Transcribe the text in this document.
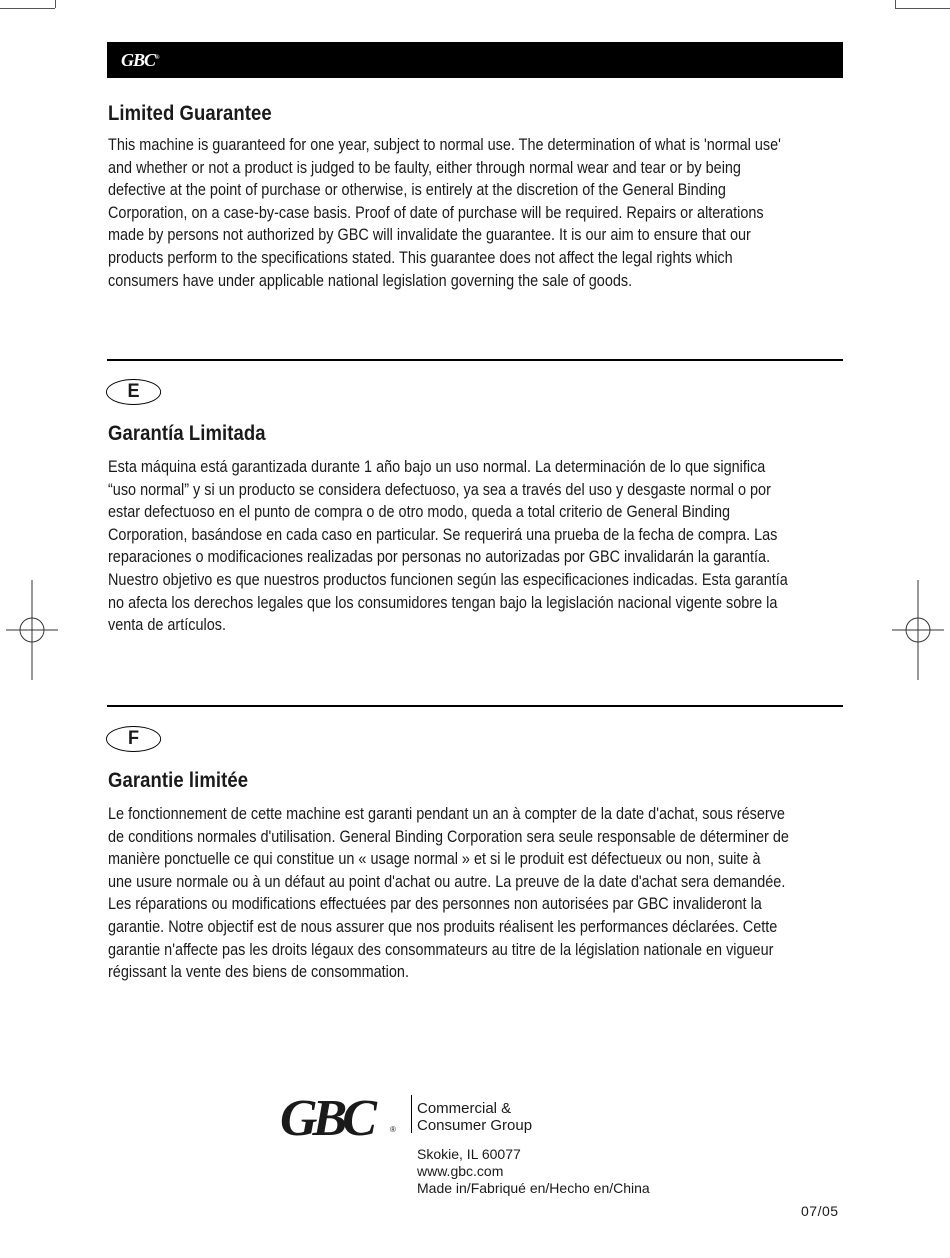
GBC®
Limited Guarantee

This machine is guaranteed for one year, subject to normal use. The determination of what is 'normal use'
and whether or not a product is judged to be faulty, either through normal wear and tear or by being
defective at the point of purchase or otherwise, is entirely at the discretion of the General Binding
Corporation, on a case-by-case basis. Proof of date of purchase will be required. Repairs or alterations
made by persons not authorized by GBC will invalidate the guarantee. It is our aim to ensure that our
products perform to the specifications stated. This guarantee does not affect the legal rights which
consumers have under applicable national legislation governing the sale of goods.

E
Garantía Limitada

Esta máquina está garantizada durante 1 año bajo un uso normal. La determinación de lo que significa
“uso normal” y si un producto se considera defectuoso, ya sea a través del uso y desgaste normal o por
estar defectuoso en el punto de compra o de otro modo, queda a total criterio de General Binding
Corporation, basándose en cada caso en particular. Se requerirá una prueba de la fecha de compra. Las
reparaciones o modificaciones realizadas por personas no autorizadas por GBC invalidarán la garantía.
Nuestro objetivo es que nuestros productos funcionen según las especificaciones indicadas. Esta garantía
no afecta los derechos legales que los consumidores tengan bajo la legislación nacional vigente sobre la
venta de artículos.

F
Garantie limitée

Le fonctionnement de cette machine est garanti pendant un an à compter de la date d'achat, sous réserve
de conditions normales d'utilisation. General Binding Corporation sera seule responsable de déterminer de
manière ponctuelle ce qui constitue un « usage normal » et si le produit est défectueux ou non, suite à
une usure normale ou à un défaut au point d'achat ou autre. La preuve de la date d'achat sera demandée.
Les réparations ou modifications effectuées par des personnes non autorisées par GBC invalideront la
garantie. Notre objectif est de nous assurer que nos produits réalisent les performances déclarées. Cette
garantie n'affecte pas les droits légaux des consommateurs au titre de la législation nationale en vigueur
régissant la vente des biens de consommation.

GBC	®
Commercial &
Consumer Group
Skokie, IL 60077
www.gbc.com
Made in/Fabriqué en/Hecho en/China
07/05
